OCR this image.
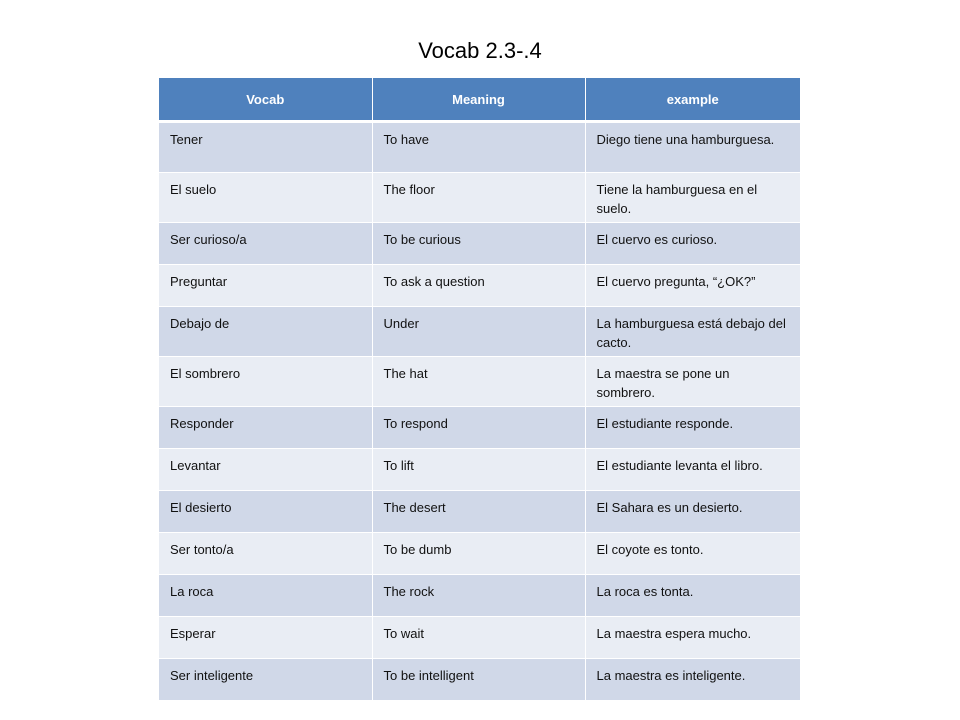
Vocab 2.3-.4
Vocab	Meaning	example
Tener	To have	Diego tiene una hamburguesa.
El suelo	The floor	Tiene la hamburguesa en el suelo.
Ser curioso/a	To be curious	El cuervo es curioso.
Preguntar	To ask a question	El cuervo pregunta, “¿OK?”
Debajo de	Under	La hamburguesa está debajo del cacto.
El sombrero	The hat	La maestra se pone un sombrero.
Responder	To respond	El estudiante responde.
Levantar	To lift	El estudiante levanta el libro.
El desierto	The desert	El Sahara es un desierto.
Ser tonto/a	To be dumb	El coyote es tonto.
La roca	The rock	La roca es tonta.
Esperar	To wait	La maestra espera mucho.
Ser inteligente	To be intelligent	La maestra es inteligente.
